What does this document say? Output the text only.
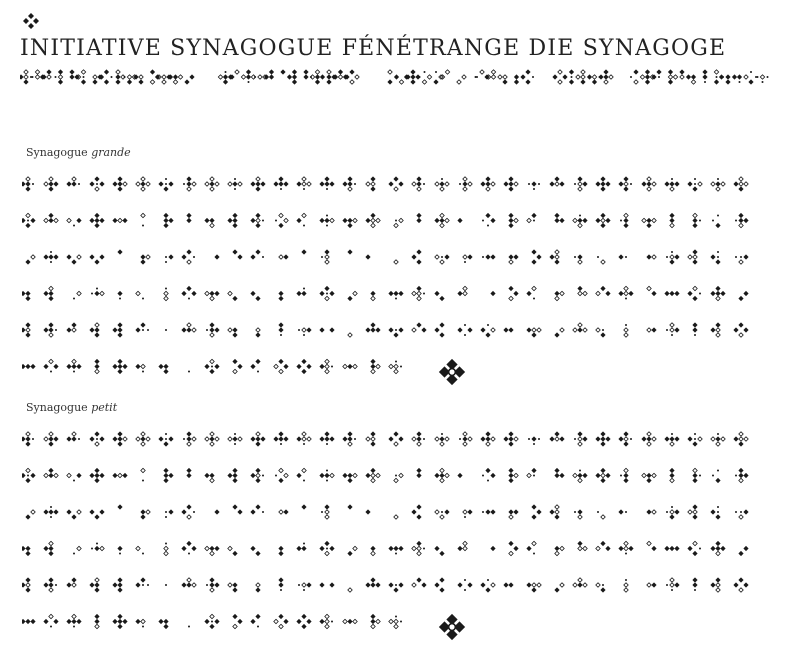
INITIATIVE SYNAGOGUE FÉNÉTRANGE DIE SYNAGOGE
Synagogue grande
Synagogue petit
